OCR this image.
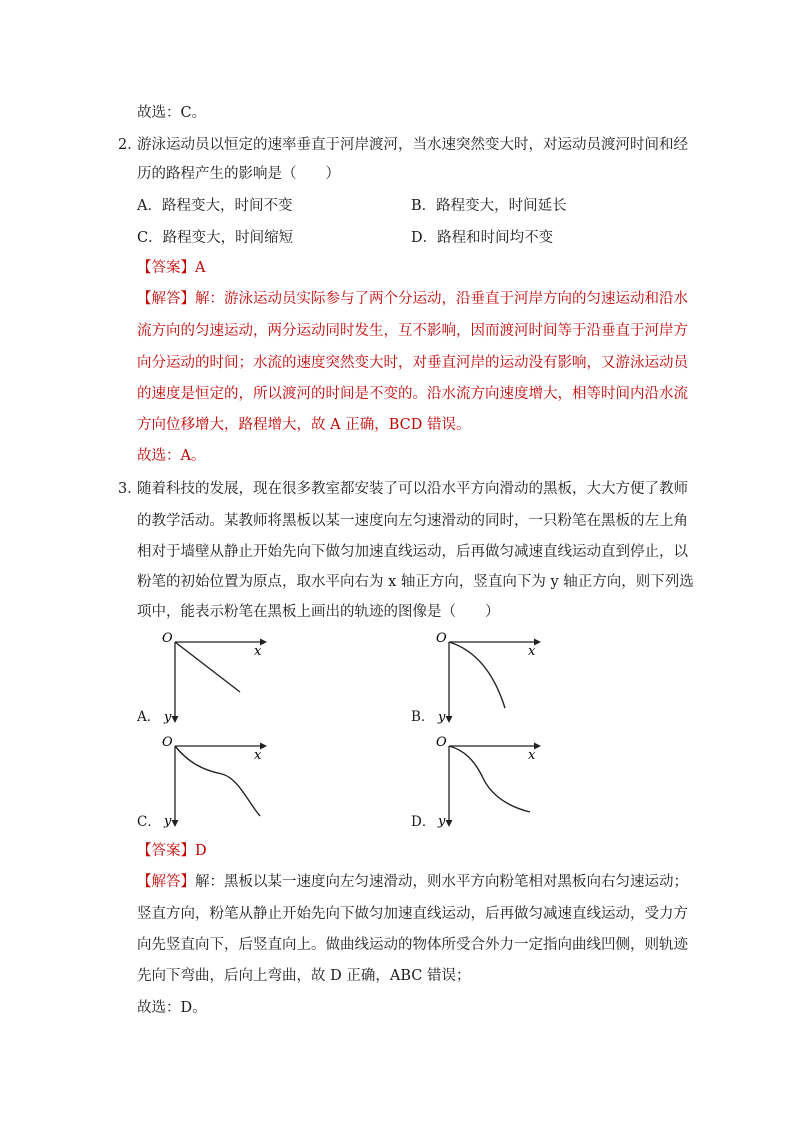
故选：C。
2．
游泳运动员以恒定的速率垂直于河岸渡河，当水速突然变大时，对运动员渡河时间和经
历的路程产生的影响是（　　）
A．路程变大，时间不变	B．路程变大，时间延长
C．路程变大，时间缩短	D．路程和时间均不变
【答案】A
【解答】解：游泳运动员实际参与了两个分运动，沿垂直于河岸方向的匀速运动和沿水
流方向的匀速运动，两分运动同时发生，互不影响，因而渡河时间等于沿垂直于河岸方
向分运动的时间；水流的速度突然变大时，对垂直河岸的运动没有影响，又游泳运动员
的速度是恒定的，所以渡河的时间是不变的。沿水流方向速度增大，相等时间内沿水流
方向位移增大，路程增大，故 A 正确，BCD 错误。
故选：A。
3．
随着科技的发展，现在很多教室都安装了可以沿水平方向滑动的黑板，大大方便了教师
的教学活动。某教师将黑板以某一速度向左匀速滑动的同时，一只粉笔在黑板的左上角
相对于墙壁从静止开始先向下做匀加速直线运动，后再做匀减速直线运动直到停止，以
粉笔的初始位置为原点，取水平向右为 x 轴正方向，竖直向下为 y 轴正方向，则下列选
项中，能表示粉笔在黑板上画出的轨迹的图像是（　　）
A．
O
x
y	B．
O
x
y
C．
O
x
y	D．
O
x
y
【答案】D
【解答】解：黑板以某一速度向左匀速滑动，则水平方向粉笔相对黑板向右匀速运动；
竖直方向，粉笔从静止开始先向下做匀加速直线运动，后再做匀减速直线运动，受力方
向先竖直向下，后竖直向上。做曲线运动的物体所受合外力一定指向曲线凹侧，则轨迹
先向下弯曲，后向上弯曲，故 D 正确，ABC 错误；
故选：D。
